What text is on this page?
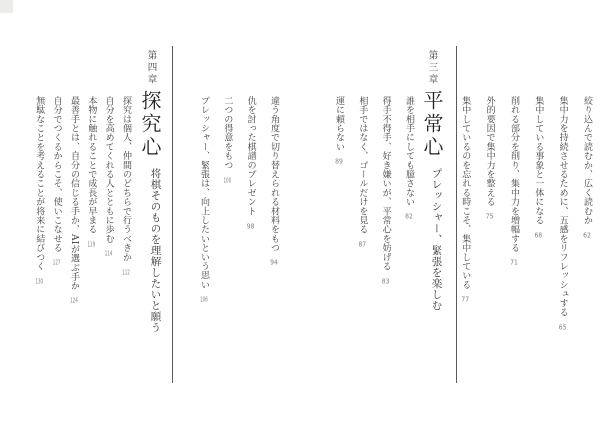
絞り込んで読むか、広く読むか62
集中力を持続させるために、五感をリフレッシュする65
集中している事象と一体になる68
削れる部分を削り、集中力を増幅する71
外的要因で集中力を整える75
集中しているのを忘れる時こそ、集中している77
第三章
平常心
プレッシャー、緊張を楽しむ
誰を相手にしても臆さない82
得手不得手、好き嫌いが、平常心を妨げる83
相手ではなく、ゴールだけを見る87
運に頼らない89
違う角度で切り替えられる材料をもつ94
仇を討った棋譜のプレゼント98
二つの得意をもつ100
プレッシャー、緊張は、向上したいという思い106
第四章
探究心
将棋そのものを理解したいと願う
探究は個人、仲間のどちらで行うべきか112
自分を高めてくれる人とともに歩む114
本物に触れることで成長が早まる119
最善手とは、自分の信じる手か、AIが選ぶ手か124
自分でつくるからこそ、使いこなせる127
無駄なことを考えることが将来に結びつく130
